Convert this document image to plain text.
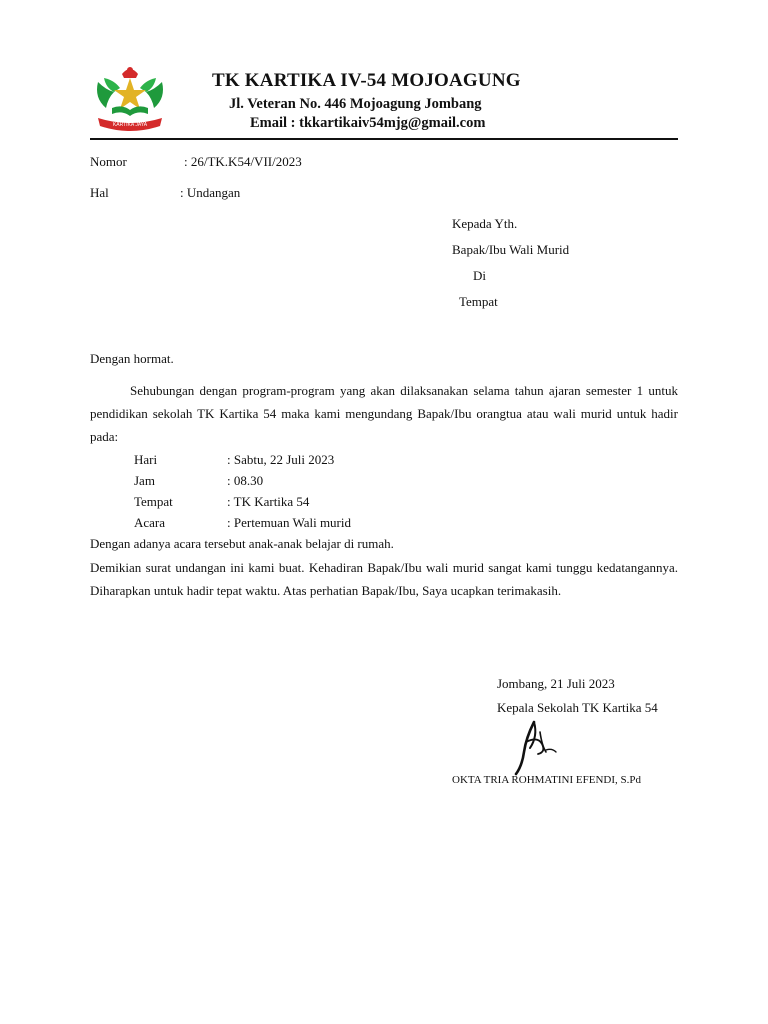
KARTIKA JAYA
TK KARTIKA IV-54 MOJOAGUNG
Jl. Veteran No. 446 Mojoagung Jombang
Email : tkkartikaiv54mjg@gmail.com
Nomor	: 26/TK.K54/VII/2023
Hal	: Undangan
Kepada Yth.
Bapak/Ibu Wali Murid
Di
Tempat
Dengan hormat.
Sehubungan dengan program-program yang akan dilaksanakan selama tahun ajaran semester 1 untuk pendidikan sekolah TK Kartika 54 maka kami mengundang Bapak/Ibu orangtua atau wali murid untuk hadir pada:
Hari	: Sabtu, 22 Juli 2023
Jam	: 08.30
Tempat	: TK Kartika 54
Acara	: Pertemuan Wali murid
Dengan adanya acara tersebut anak-anak belajar di rumah.
Demikian surat undangan ini kami buat. Kehadiran Bapak/Ibu wali murid sangat kami tunggu kedatangannya. Diharapkan untuk hadir tepat waktu. Atas perhatian Bapak/Ibu, Saya ucapkan terimakasih.
Jombang, 21 Juli 2023
Kepala Sekolah TK Kartika 54
OKTA TRIA ROHMATINI EFENDI, S.Pd
